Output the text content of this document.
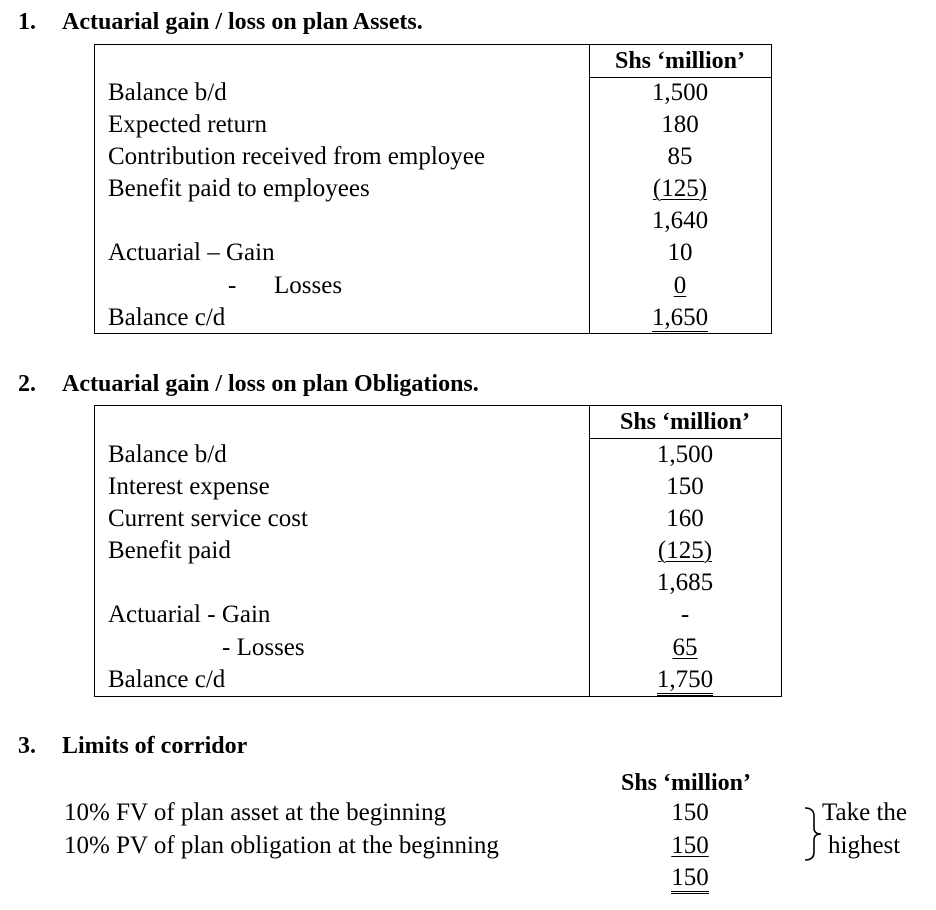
1. Actuarial gain / loss on plan Assets.
Shs ‘million’
Balance b/d	1,500
Expected return	180
Contribution received from employee	85
Benefit paid to employees	(125)
1,640
Actuarial – Gain	10
- Losses	0
Balance c/d	1,650
2. Actuarial gain / loss on plan Obligations.
Shs ‘million’
Balance b/d	1,500
Interest expense	150
Current service cost	160
Benefit paid	(125)
1,685
Actuarial - Gain	-
- Losses	65
Balance c/d	1,750
3. Limits of corridor
Shs ‘million’
10% FV of plan asset at the beginning	150
10% PV of plan obligation at the beginning	150
150
Take the
highest
